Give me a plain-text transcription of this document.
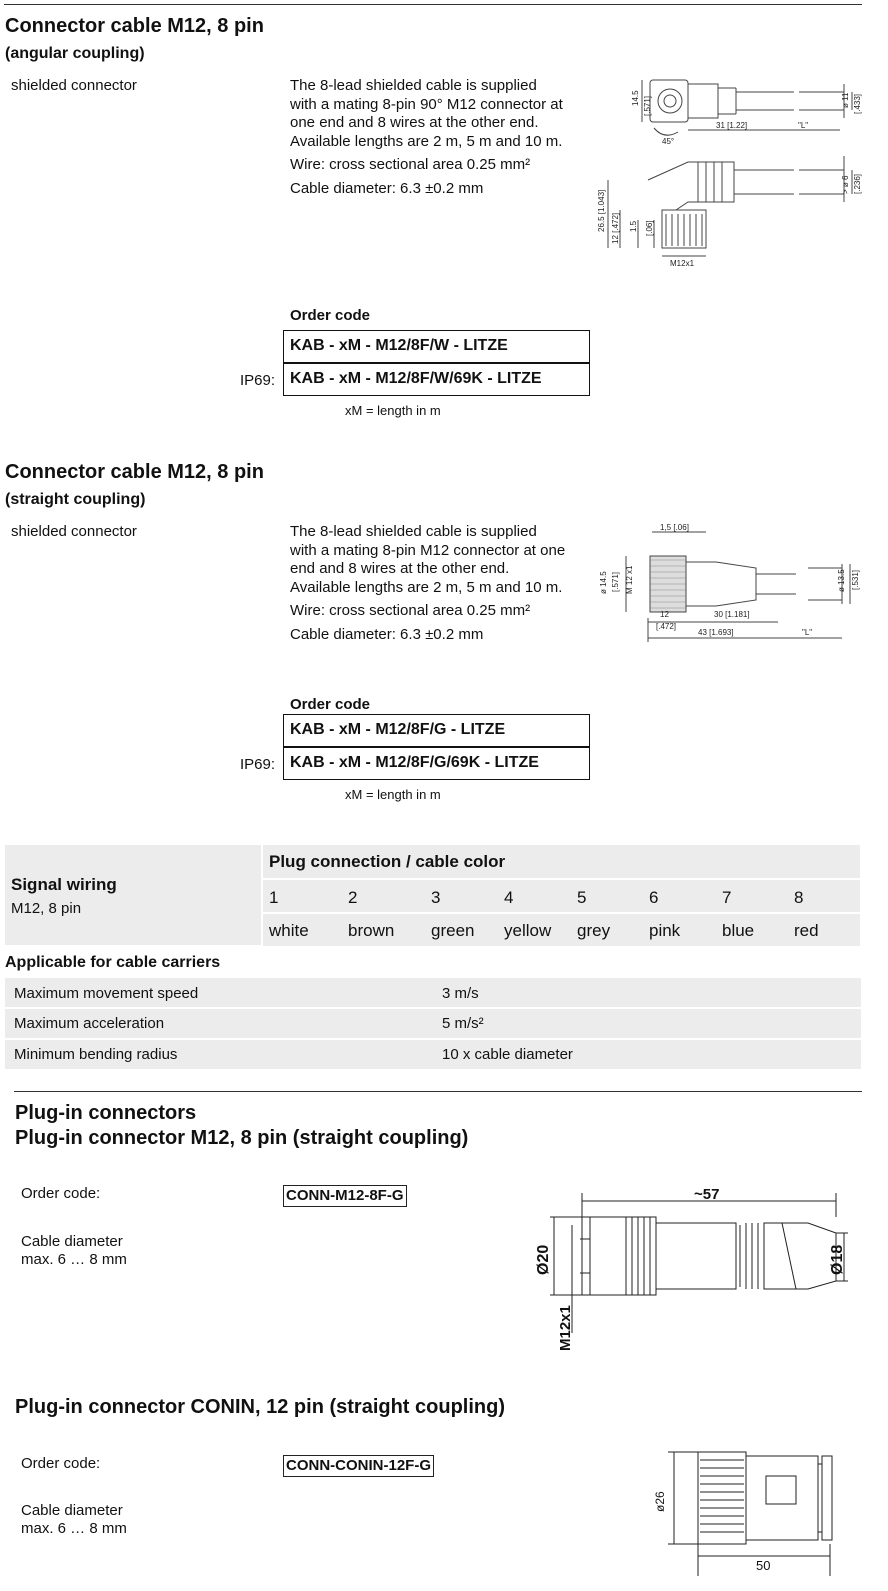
Connector cable M12, 8 pin
(angular coupling)
shielded connector	The 8-lead shielded cable is supplied
with a mating 8-pin 90° M12 connector at
one end and 8 wires at the other end.
Available lengths are 2 m, 5 m and 10 m.
Wire: cross sectional area 0.25 mm²
Cable diameter: 6.3 ±0.2 mm
14.5 [.571]	ø 11 [.433]
31 [1.22]	"L"
45°
26.5 [1.043] 12 [.472] 1.5 [.06]
M12x1
> ø 6 [.236]
Order code
KAB - xM - M12/8F/W - LITZE
IP69: KAB - xM - M12/8F/W/69K - LITZE
xM = length in m
Connector cable M12, 8 pin
(straight coupling)
shielded connector	The 8-lead shielded cable is supplied
with a mating 8-pin M12 connector at one
end and 8 wires at the other end.
Available lengths are 2 m, 5 m and 10 m.
Wire: cross sectional area 0.25 mm²
Cable diameter: 6.3 ±0.2 mm
1,5 [.06]
ø 14.5 [.571] M 12 x1	ø 13.5 [.531]
12
[.472]
30 [1.181]
43 [1.693]	"L"
Order code
KAB - xM - M12/8F/G - LITZE
IP69: KAB - xM - M12/8F/G/69K - LITZE
xM = length in m
Signal wiring
M12, 8 pin
Plug connection / cable color
1	2	3	4	5	6	7	8
white brown green yellow grey pink blue red
Applicable for cable carriers
Maximum movement speed	3 m/s
Maximum acceleration	5 m/s²
Minimum bending radius	10 x cable diameter
Plug-in connectors
Plug-in connector M12, 8 pin (straight coupling)
Order code:	CONN-M12-8F-G
Cable diameter
max. 6 … 8 mm
~57
Ø20	Ø18
M12x1
Plug-in connector CONIN, 12 pin (straight coupling)
Order code:	CONN-CONIN-12F-G
Cable diameter
max. 6 … 8 mm
ø26
50
